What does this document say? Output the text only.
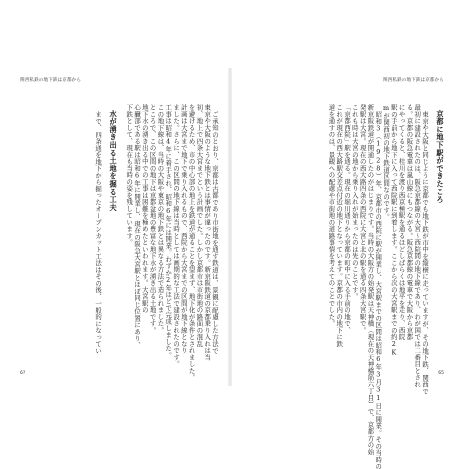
関西私鉄の地下鉄は京都から
ご承知のとおり、京都は古都であり市街地を通す鉄道は、景観に配慮した方法で
東京や大阪のような地下鉄とは事情が違ったのです。新京阪鉄道の京都乗り入れは当
初、地上で四条大宮までという計画でした。しかし京都市は市街地の路面の混乱
を避けるため、市の中心部の地上を鉄道が通ることを望まず、地下化が条件とされました。
計画は大宮まで地下で乗り入れるもので、西院から大宮までの区間が地下線となり
ました。さらに、この区間の地下線は当時としては画期的な工法で建設されたのです。
工事は昭和4年に着手され、昭和6年には開業。わずか2年ほどで完成しました。
この地下線は、当時の大阪や東京の地下鉄とは異なる方法で造られました。
ところで、この区間の地下は京都盆地の豊富な地下水が湧き出る土地です。
地下水の湧き出る中での工事は困難を極めたといわれます。大宮駅の
心臓部である駅は昭和6年に開業し、現在の阪急大宮駅とほぼ同じ位置にあり、
下鉄として、現在も当時の姿を残しています。
水が湧き出る土地を掘る工夫
まで、四条通を地下から掘ったオープンカット工法はその後、一般的になってい
6?
関西私鉄の地下鉄は京都から
京都に地下駅ができたころ
東京や大阪と同じように京都でも地下鉄が市中を縦横に走っていますが、その地下鉄、関西で
最初に建設されたのは、阪急京都線の大宮〜西院間の地下線であり、わが国では二番目とされ
る。京都の阪急電車は嵐山線にもつながる。阪急京都線の電車で大阪から京都
にやってくると、桂川を渡り西京極駅を通るほどしばらくは地平を走り、西院
駅の手前から地下に入って西院駅に到着します。ここから次の大宮駅までの約2K
mが関西初の地下鉄道区間なのです。
昭和3（1928）年、京都市の西院に駅が開業し、大宮駅までの区間は昭和6年3月31日に開業。その当時の
新京阪鉄道が開通したのがはじまりです。当時の大阪方の始発駅は天神橋（現在の天神橋筋六丁目）で、京都方の始
発駅は大宮。現在の西大路四条の西院に大宮と北の駅を通る四条大宮駅で。
これも時は大宮の地から乗り入れが始まったのは先のことです。
「京都西院」駅を通る。現在の堀川通りから京都の町中に入る手前の地で、
これが現在の西大路駅交差点付近の地下となっています。京都の市内の地下に鉄
道を通すのは、景観への配慮や市街地の道路事情を考えてのことでした。
65
